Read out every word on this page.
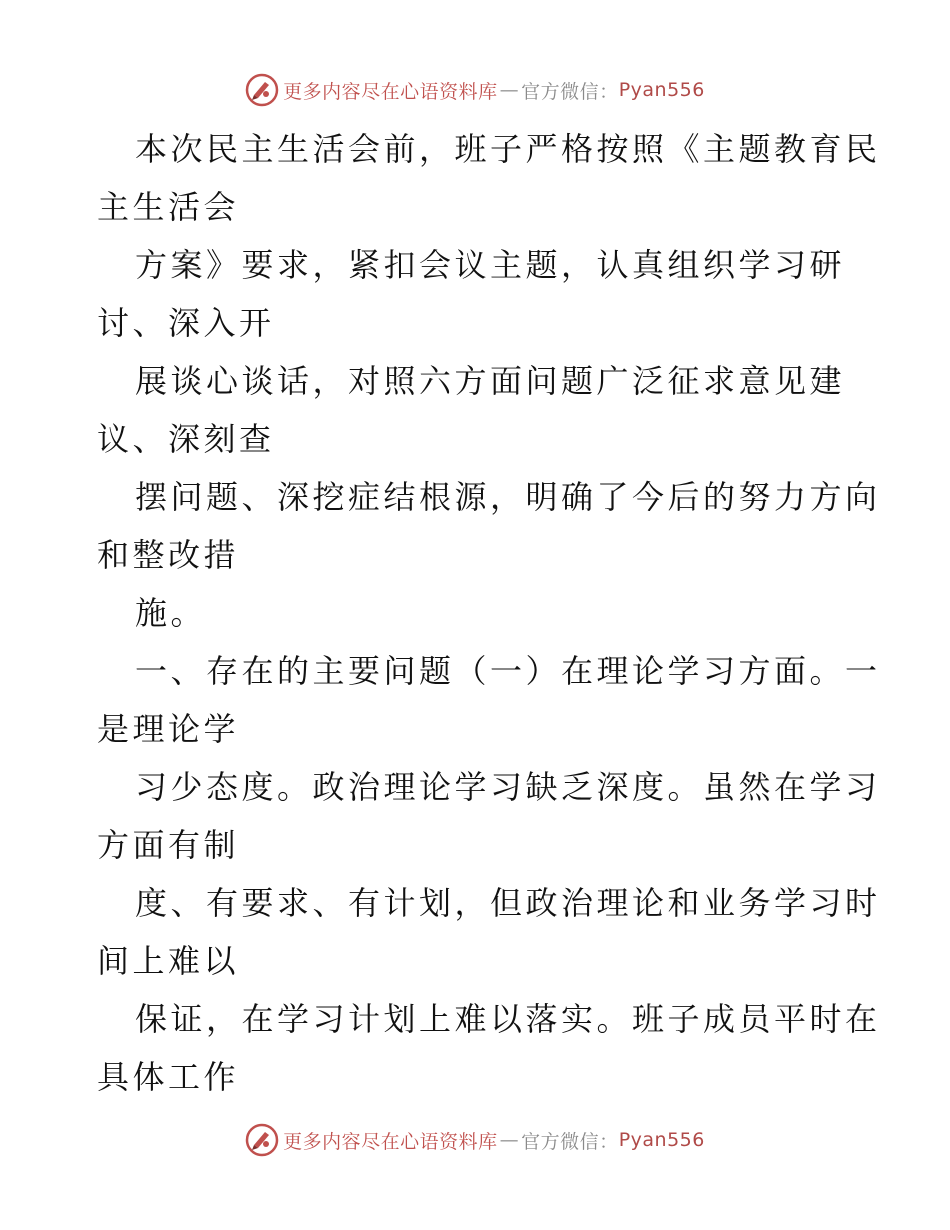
更多内容尽在心语资料库 — 官方微信： Pyan556

本次民主生活会前，班子严格按照《主题教育民
主生活会

方案》要求，紧扣会议主题，认真组织学习研
讨、深入开

展谈心谈话，对照六方面问题广泛征求意见建
议、深刻查

摆问题、深挖症结根源，明确了今后的努力方向
和整改措

施。

一、存在的主要问题（一）在理论学习方面。一
是理论学

习少态度。政治理论学习缺乏深度。虽然在学习
方面有制

度、有要求、有计划，但政治理论和业务学习时
间上难以

保证，在学习计划上难以落实。班子成员平时在
具体工作

更多内容尽在心语资料库 — 官方微信： Pyan556
